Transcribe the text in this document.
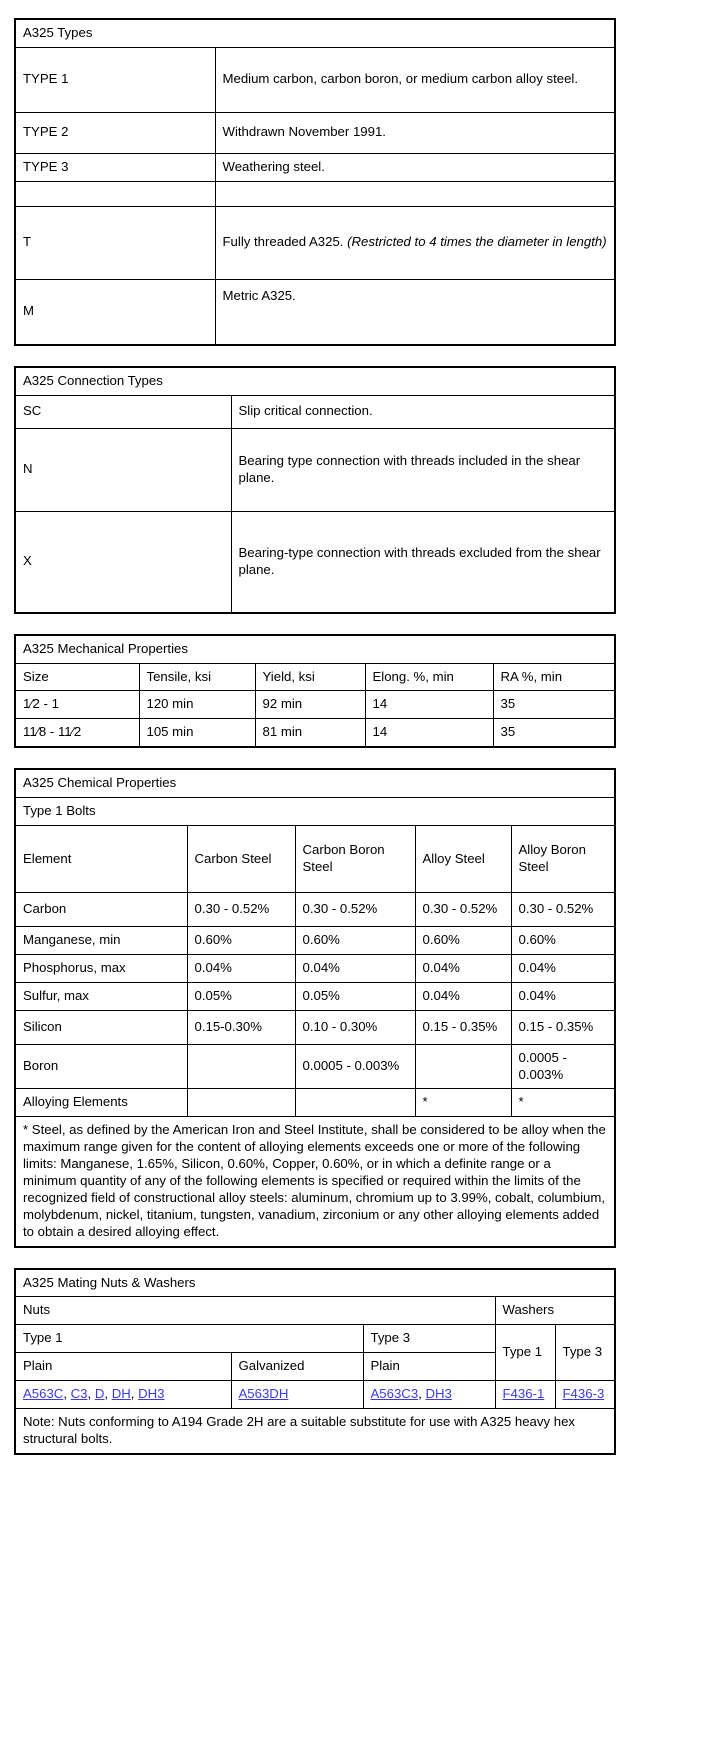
A325 Types	
TYPE 1	Medium carbon, carbon boron, or medium carbon alloy steel.
TYPE 2	Withdrawn November 1991.
TYPE 3	Weathering steel.

T	Fully threaded A325. (Restricted to 4 times the diameter in length)
M	Metric A325.
A325 Connection Types	
SC	Slip critical connection.
N	Bearing type connection with threads included in the shear plane.
X	Bearing-type connection with threads excluded from the shear plane.
A325 Mechanical Properties				
Size	Tensile, ksi	Yield, ksi	Elong. %, min	RA %, min
1⁄2 - 1	120 min	92 min	14	35
11⁄8 - 11⁄2	105 min	81 min	14	35
A325 Chemical Properties				
Type 1 Bolts				
Element	Carbon Steel	Carbon Boron Steel	Alloy Steel	Alloy Boron Steel
Carbon	0.30 - 0.52%	0.30 - 0.52%	0.30 - 0.52%	0.30 - 0.52%
Manganese, min	0.60%	0.60%	0.60%	0.60%
Phosphorus, max	0.04%	0.04%	0.04%	0.04%
Sulfur, max	0.05%	0.05%	0.04%	0.04%
Silicon	0.15-0.30%	0.10 - 0.30%	0.15 - 0.35%	0.15 - 0.35%
Boron		0.0005 - 0.003%		0.0005 - 0.003%
Alloying Elements			*	*
* Steel, as defined by the American Iron and Steel Institute, shall be considered to be alloy when the maximum range given for the content of alloying elements exceeds one or more of the following limits: Manganese, 1.65%, Silicon, 0.60%, Copper, 0.60%, or in which a definite range or a minimum quantity of any of the following elements is specified or required within the limits of the recognized field of constructional alloy steels: aluminum, chromium up to 3.99%, cobalt, columbium, molybdenum, nickel, titanium, tungsten, vanadium, zirconium or any other alloying elements added to obtain a desired alloying effect.				
A325 Mating Nuts & Washers				
Nuts			Washers	
Type 1		Type 3	Type 1	Type 3
Plain	Galvanized	Plain		
A563C, C3, D, DH, DH3	A563DH	A563C3, DH3	F436-1	F436-3
Note: Nuts conforming to A194 Grade 2H are a suitable substitute for use with A325 heavy hex structural bolts.				
